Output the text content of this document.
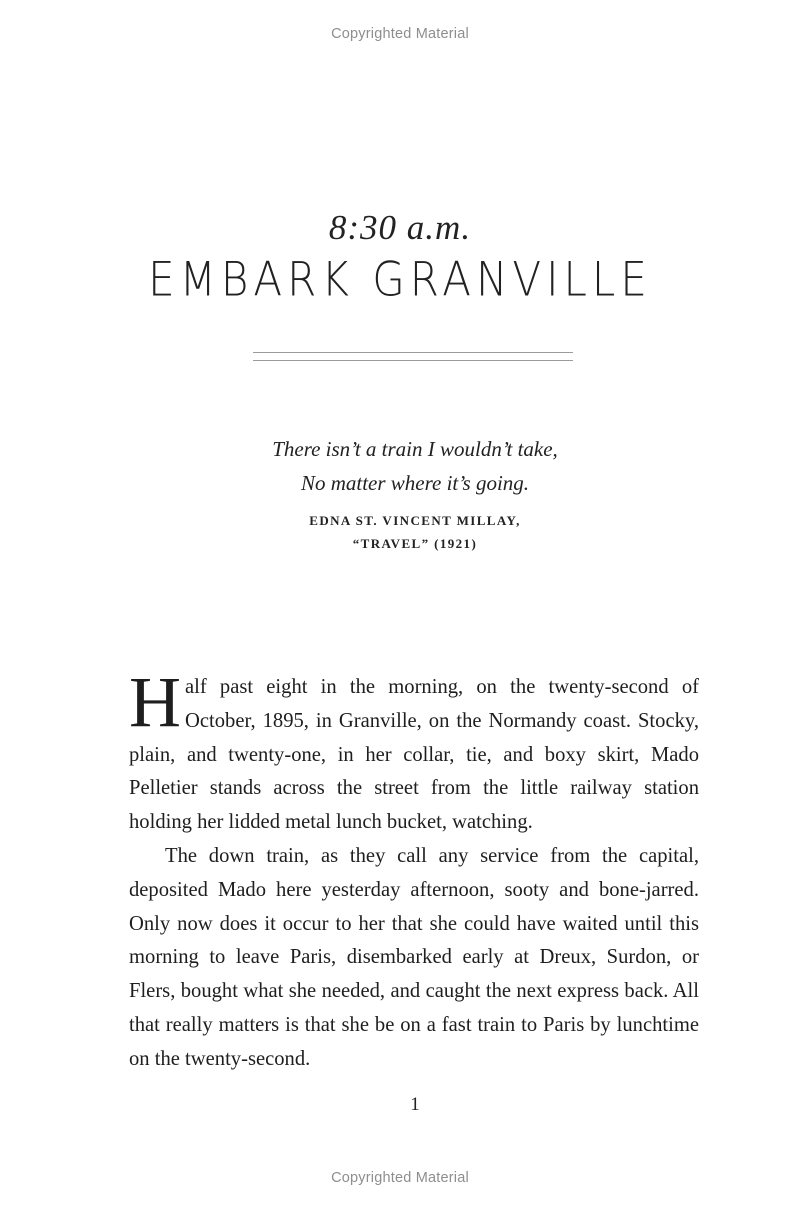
Copyrighted Material
8:30 a.m.
EMBARK GRANVILLE
There isn’t a train I wouldn’t take,
No matter where it’s going.
EDNA ST. VINCENT MILLAY,
“TRAVEL” (1921)

Half past eight in the morning, on the twenty-second of October, 1895, in Granville, on the Normandy coast. Stocky, plain, and twenty-one, in her collar, tie, and boxy skirt, Mado Pelletier stands across the street from the little railway station holding her lidded metal lunch bucket, watching.

The down train, as they call any service from the capital, deposited Mado here yesterday afternoon, sooty and bone-jarred. Only now does it occur to her that she could have waited until this morning to leave Paris, disembarked early at Dreux, Surdon, or Flers, bought what she needed, and caught the next express back. All that really matters is that she be on a fast train to Paris by lunchtime on the twenty-second.

1
Copyrighted Material
